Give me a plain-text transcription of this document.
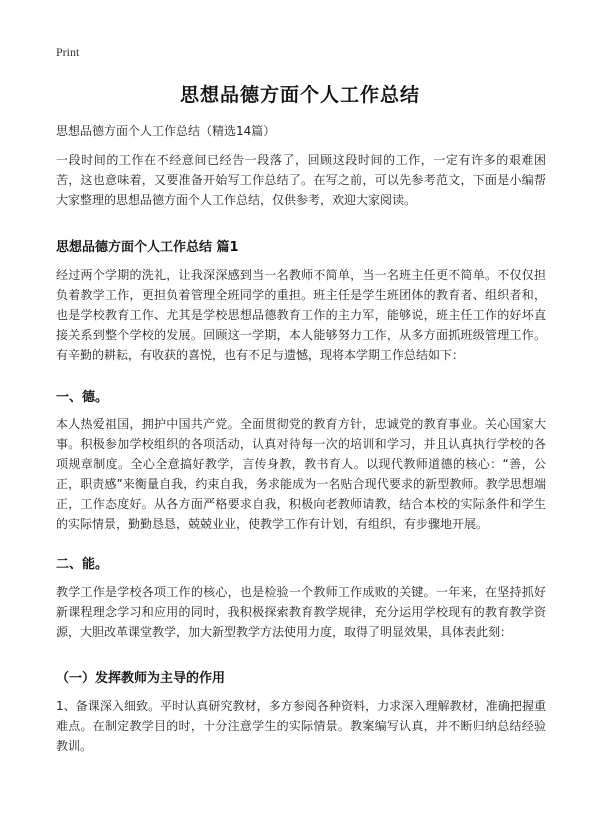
Print
思想品德方面个人工作总结
思想品德方面个人工作总结（精选14篇）

一段时间的工作在不经意间已经告一段落了，回顾这段时间的工作，一定有许多的艰难困苦，这也意味着，又要准备开始写工作总结了。在写之前，可以先参考范文，下面是小编帮大家整理的思想品德方面个人工作总结，仅供参考，欢迎大家阅读。

思想品德方面个人工作总结 篇1

经过两个学期的洗礼，让我深深感到当一名教师不简单，当一名班主任更不简单。不仅仅担负着教学工作，更担负着管理全班同学的重担。班主任是学生班团体的教育者、组织者和，也是学校教育工作、尤其是学校思想品德教育工作的主力军，能够说，班主任工作的好坏直接关系到整个学校的发展。回顾这一学期，本人能够努力工作，从多方面抓班级管理工作。有辛勤的耕耘，有收获的喜悦，也有不足与遗憾，现将本学期工作总结如下：

一、德。

本人热爱祖国，拥护中国共产党。全面贯彻党的教育方针，忠诚党的教育事业。关心国家大事。积极参加学校组织的各项活动，认真对待每一次的培训和学习，并且认真执行学校的各项规章制度。全心全意搞好教学，言传身教，教书育人。以现代教师道德的核心：“善，公正，职责感”来衡量自我，约束自我，务求能成为一名贴合现代要求的新型教师。教学思想端正，工作态度好。从各方面严格要求自我，积极向老教师请教，结合本校的实际条件和学生的实际情景，勤勤恳恳，兢兢业业，使教学工作有计划，有组织，有步骤地开展。

二、能。

教学工作是学校各项工作的核心，也是检验一个教师工作成败的关键。一年来，在坚持抓好新课程理念学习和应用的同时，我积极探索教育教学规律，充分运用学校现有的教育教学资源，大胆改革课堂教学，加大新型教学方法使用力度，取得了明显效果，具体表此刻：

（一）发挥教师为主导的作用

1、备课深入细致。平时认真研究教材，多方参阅各种资料，力求深入理解教材，准确把握重难点。在制定教学目的时，十分注意学生的实际情景。教案编写认真，并不断归纳总结经验教训。
